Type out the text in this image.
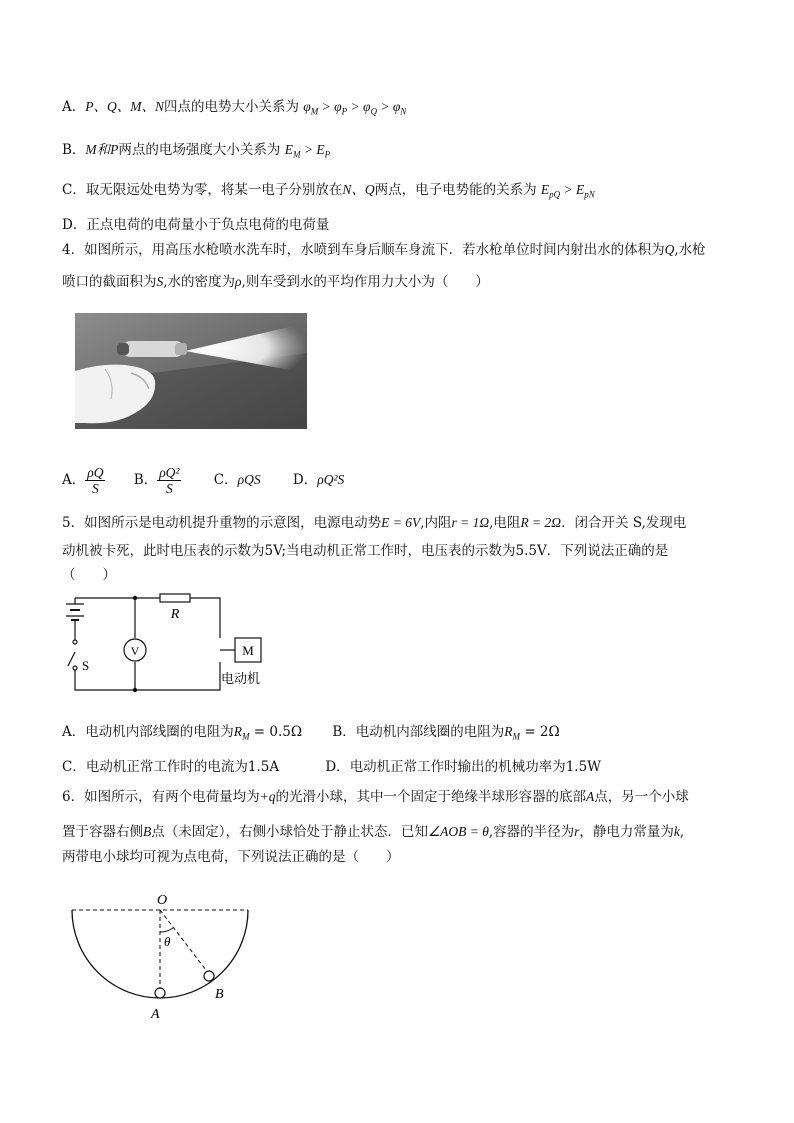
A．P、Q、M、N四点的电势大小关系为 $\varphi_M > \varphi_P > \varphi_Q > \varphi_N$
B．M和P两点的电场强度大小关系为 $E_M > E_P$
C．取无限远处电势为零，将某一电子分别放在N、Q两点，电子电势能的关系为 $E_{pQ} > E_{pN}$
D．正点电荷的电荷量小于负点电荷的电荷量
4．如图所示，用高压水枪喷水洗车时，水喷到车身后顺车身流下．若水枪单位时间内射出水的体积为Q,水枪
喷口的截面积为S,水的密度为ρ,则车受到水的平均作用力大小为（　　）
A． $\frac{\rho Q}{S}$ B． $\frac{\text{ρQ²}}{S}$ C．ρQS D．ρQ²S
5．如图所示是电动机提升重物的示意图，电源电动势E = 6V,内阻r = 1Ω,电阻R = 2Ω．闭合开关 S,发现电
动机被卡死，此时电压表的示数为5V;当电动机正常工作时，电压表的示数为5.5V．下列说法正确的是
（　　）
R
V	M
S
电动机
A．电动机内部线圈的电阻为$R_M = 0.5\Omega$ B．电动机内部线圈的电阻为$R_M = 2\Omega$
C．电动机正常工作时的电流为1.5A	D．电动机正常工作时输出的机械功率为1.5W
6．如图所示，有两个电荷量均为+q的光滑小球，其中一个固定于绝缘半球形容器的底部A点，另一个小球
置于容器右侧B点（未固定），右侧小球恰处于静止状态．已知∠AOB = θ,容器的半径为r，静电力常量为k,
两带电小球均可视为点电荷，下列说法正确的是（　　）
O
θ
A
B
